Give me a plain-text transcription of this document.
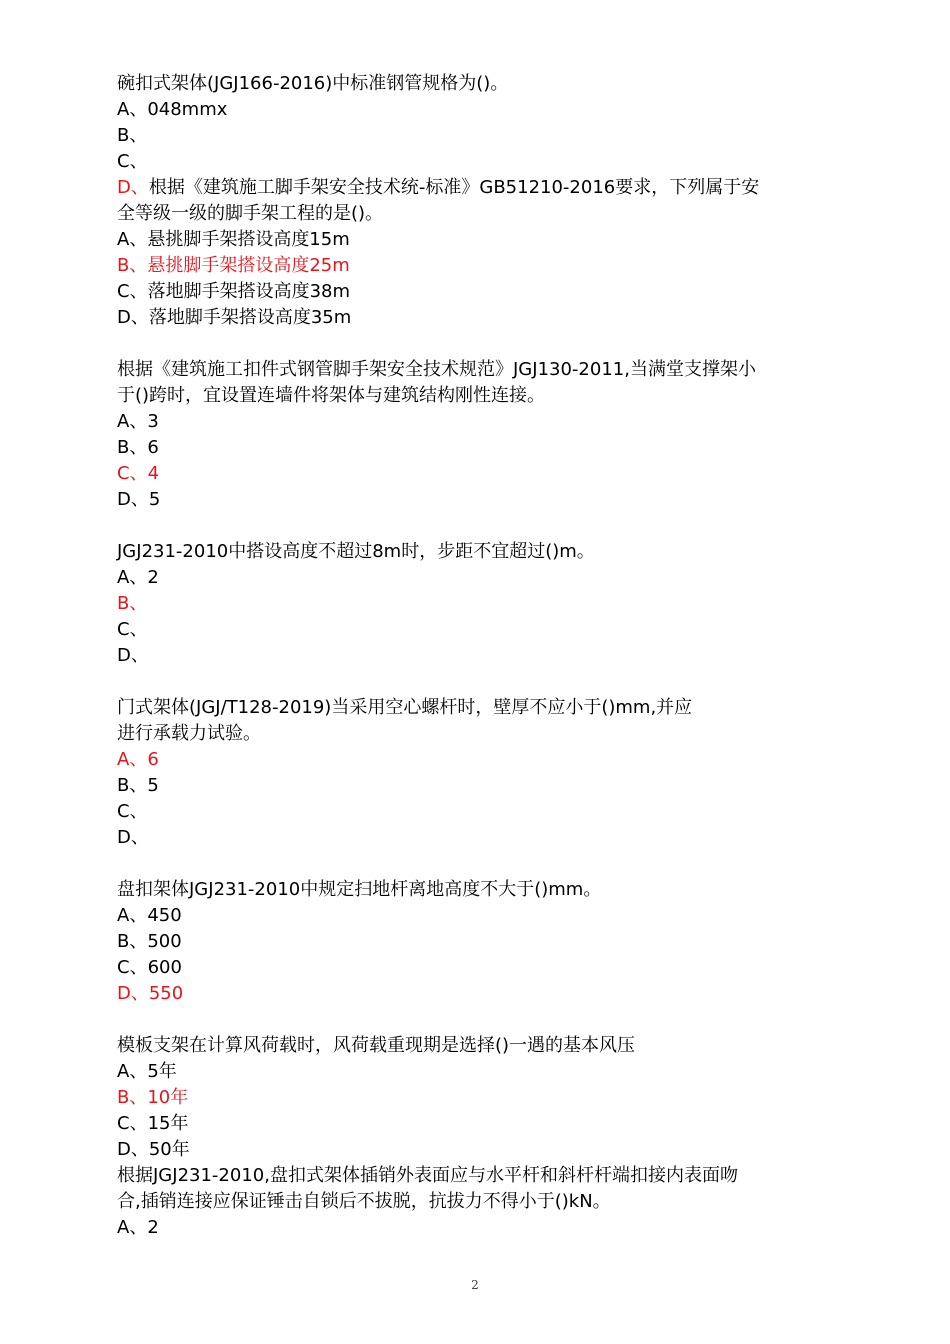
碗扣式架体(JGJ166-2016)中标准钢管规格为()。
A、048mmx
B、
C、
D、根据《建筑施工脚手架安全技术统-标准》GB51210-2016要求，下列属于安
全等级一级的脚手架工程的是()。
A、悬挑脚手架搭设高度15m
B、悬挑脚手架搭设高度25m
C、落地脚手架搭设高度38m
D、落地脚手架搭设高度35m
根据《建筑施工扣件式钢管脚手架安全技术规范》JGJ130-2011,当满堂支撑架小
于()跨时，宜设置连墙件将架体与建筑结构刚性连接。
A、3
B、6
C、4
D、5
JGJ231-2010中搭设高度不超过8m时，步距不宜超过()m。
A、2
B、
C、
D、
门式架体(JGJ/T128-2019)当采用空心螺杆时，壁厚不应小于()mm,并应
进行承载力试验。
A、6
B、5
C、
D、
盘扣架体JGJ231-2010中规定扫地杆离地高度不大于()mm。
A、450
B、500
C、600
D、550
模板支架在计算风荷载时，风荷载重现期是选择()一遇的基本风压
A、5年
B、10年
C、15年
D、50年
根据JGJ231-2010,盘扣式架体插销外表面应与水平杆和斜杆杆端扣接内表面吻
合,插销连接应保证锤击自锁后不拔脱，抗拔力不得小于()kN。
A、2
2
